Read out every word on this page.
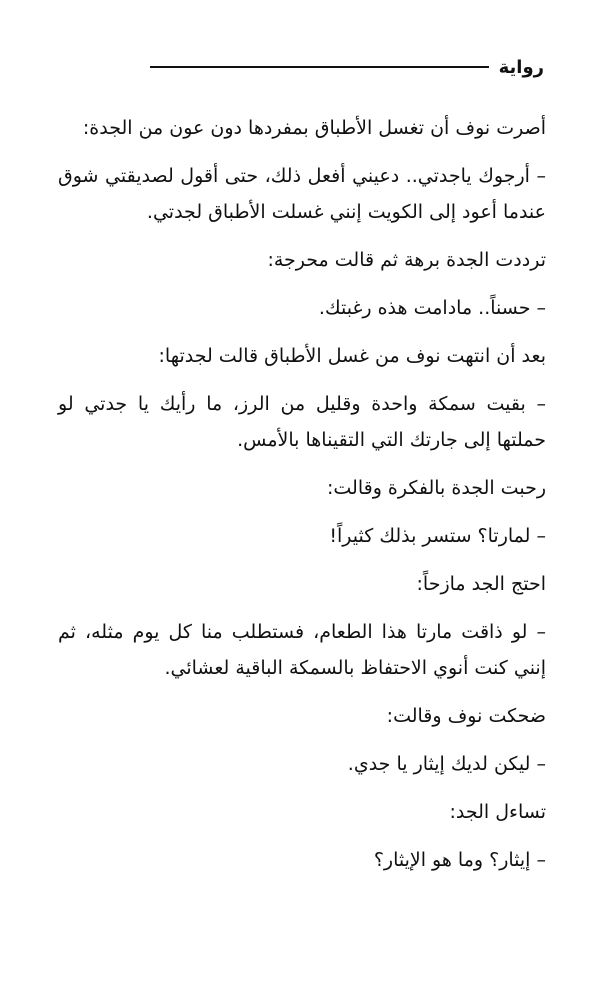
رواية

أصرت نوف أن تغسل الأطباق بمفردها دون عون من الجدة:

– أرجوك ياجدتي.. دعيني أفعل ذلك، حتى أقول لصديقتي شوق عندما أعود إلى الكويت إنني غسلت الأطباق لجدتي.

ترددت الجدة برهة ثم قالت محرجة:

– حسناً.. مادامت هذه رغبتك.

بعد أن انتهت نوف من غسل الأطباق قالت لجدتها:

– بقيت سمكة واحدة وقليل من الرز، ما رأيك يا جدتي لو حملتها إلى جارتك التي التقيناها بالأمس.

رحبت الجدة بالفكرة وقالت:

– لمارتا؟ ستسر بذلك كثيراً!

احتج الجد مازحاً:

– لو ذاقت مارتا هذا الطعام، فستطلب منا كل يوم مثله، ثم إنني كنت أنوي الاحتفاظ بالسمكة الباقية لعشائي.

ضحكت نوف وقالت:

– ليكن لديك إيثار يا جدي.

تساءل الجد:

– إيثار؟ وما هو الإيثار؟
